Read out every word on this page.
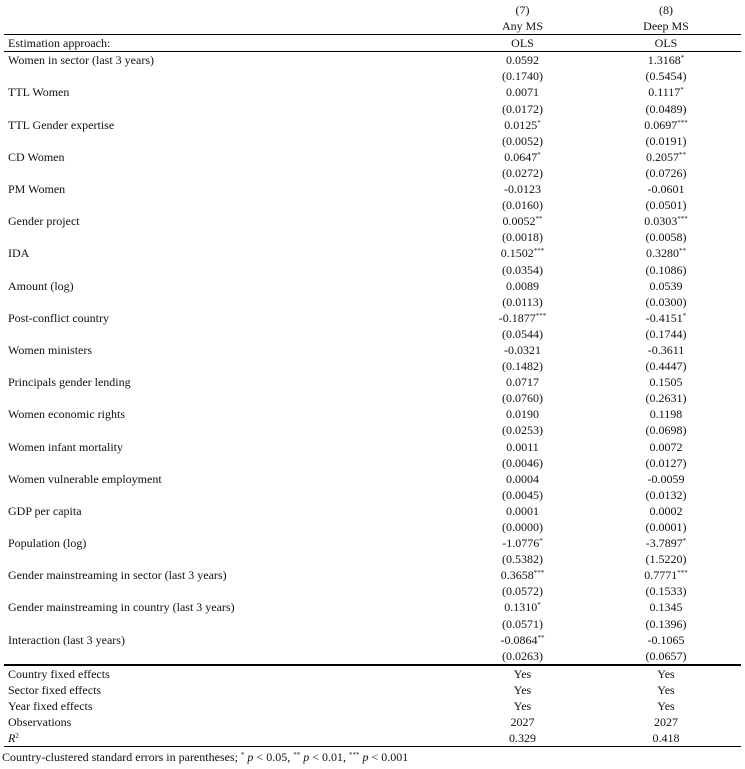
(7)	(8)
Any MS	Deep MS
Estimation approach:	OLS	OLS
Women in sector (last 3 years)	0.0592	1.3168*
(0.1740)	(0.5454)
TTL Women	0.0071	0.1117*
(0.0172)	(0.0489)
TTL Gender expertise	0.0125*	0.0697***
(0.0052)	(0.0191)
CD Women	0.0647*	0.2057**
(0.0272)	(0.0726)
PM Women	-0.0123	-0.0601
(0.0160)	(0.0501)
Gender project	0.0052**	0.0303***
(0.0018)	(0.0058)
IDA	0.1502***	0.3280**
(0.0354)	(0.1086)
Amount (log)	0.0089	0.0539
(0.0113)	(0.0300)
Post-conflict country	-0.1877***	-0.4151*
(0.0544)	(0.1744)
Women ministers	-0.0321	-0.3611
(0.1482)	(0.4447)
Principals gender lending	0.0717	0.1505
(0.0760)	(0.2631)
Women economic rights	0.0190	0.1198
(0.0253)	(0.0698)
Women infant mortality	0.0011	0.0072
(0.0046)	(0.0127)
Women vulnerable employment	0.0004	-0.0059
(0.0045)	(0.0132)
GDP per capita	0.0001	0.0002
(0.0000)	(0.0001)
Population (log)	-1.0776*	-3.7897*
(0.5382)	(1.5220)
Gender mainstreaming in sector (last 3 years)	0.3658***	0.7771***
(0.0572)	(0.1533)
Gender mainstreaming in country (last 3 years)	0.1310*	0.1345
(0.0571)	(0.1396)
Interaction (last 3 years)	-0.0864**	-0.1065
(0.0263)	(0.0657)
Country fixed effects	Yes	Yes
Sector fixed effects	Yes	Yes
Year fixed effects	Yes	Yes
Observations	2027	2027
$R^2$	0.329	0.418
Country-clustered standard errors in parentheses; * p < 0.05, ** p < 0.01, *** p < 0.001
